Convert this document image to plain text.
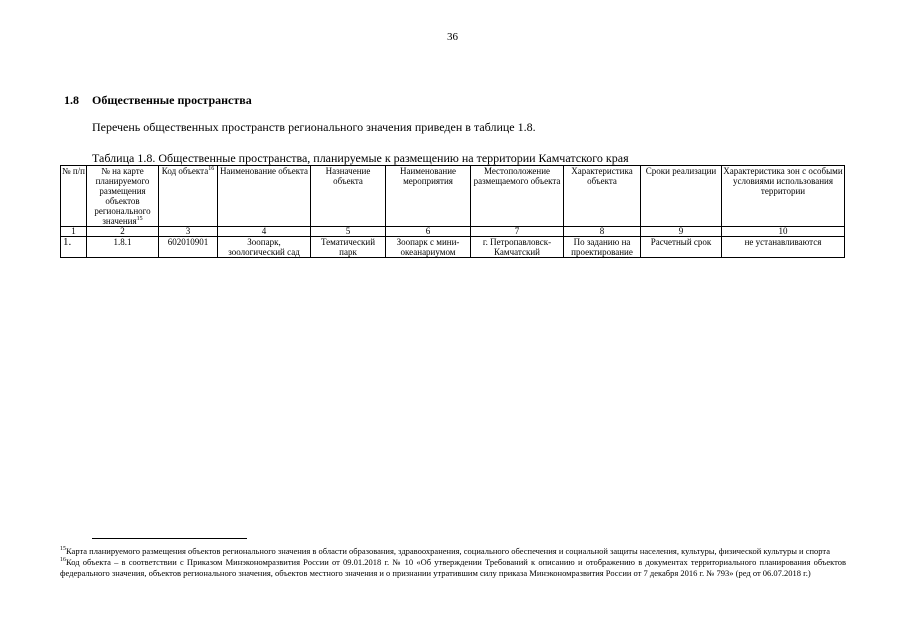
36
1.8 Общественные пространства
Перечень общественных пространств регионального значения приведен в таблице 1.8.
Таблица 1.8. Общественные пространства, планируемые к размещению на территории Камчатского края
№ п/п	№ на карте планируемого размещения объектов регионального значения$^{15}$	Код объекта$^{16}$	Наименование объекта	Назначение объекта	Наименование мероприятия	Местоположение размещаемого объекта	Характеристика объекта	Сроки реализации	Характеристика зон с особыми условиями использования территории
1	2	3	4	5	6	7	8	9	10
1.	1.8.1	602010901	Зоопарк, зоологический сад	Тематический парк	Зоопарк с мини-океанариумом	г. Петропавловск-Камчатский	По заданию на проектирование	Расчетный срок	не устанавливаются

$^{15}$Карта планируемого размещения объектов регионального значения в области образования, здравоохранения, социального обеспечения и социальной защиты населения, культуры, физической культуры и спорта

$^{16}$Код объекта – в соответствии с Приказом Минэкономразвития России от 09.01.2018 г. № 10 «Об утверждении Требований к описанию и отображению в документах территориального планирования объектов федерального значения, объектов регионального значения, объектов местного значения и о признании утратившим силу приказа Минэкономразвития России от 7 декабря 2016 г. № 793» (ред от 06.07.2018 г.)
